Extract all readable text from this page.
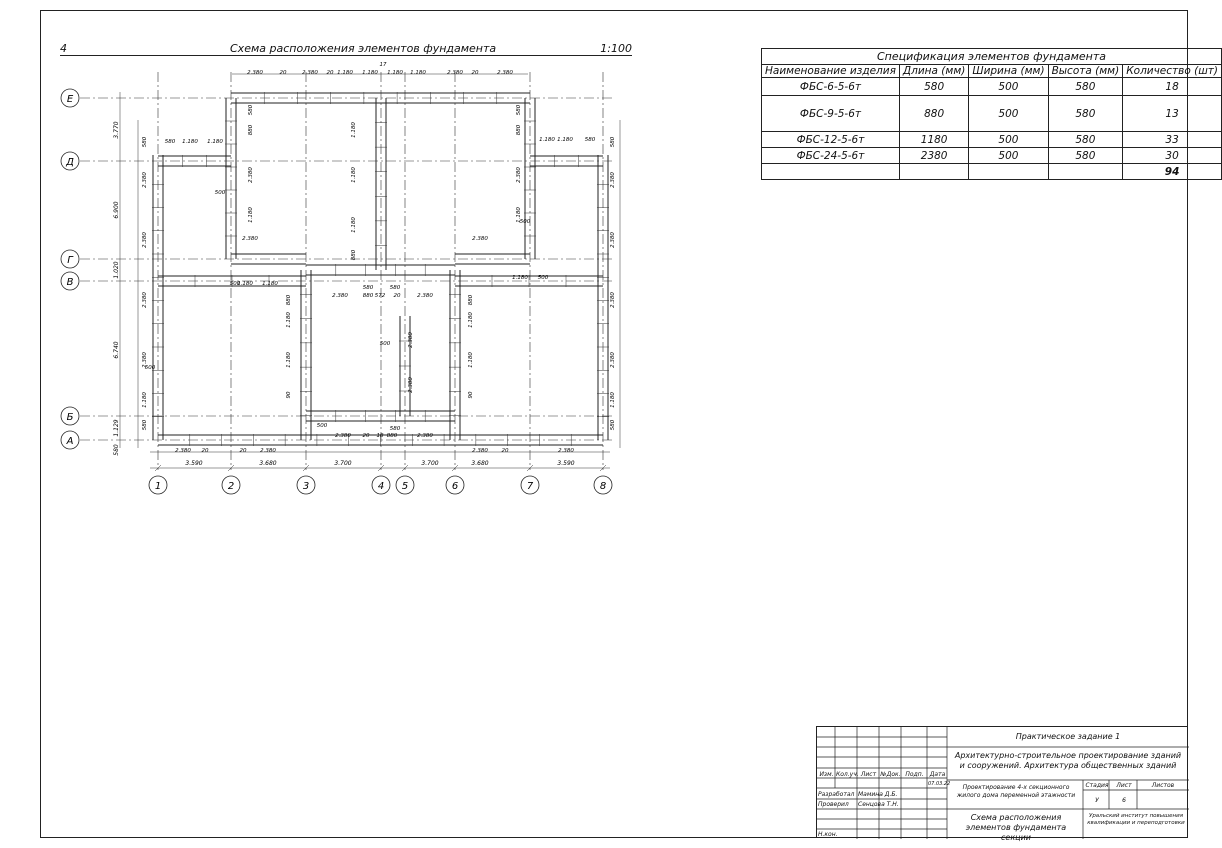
4	Схема расположения элементов фундамента	1:100
3.590	3.680	3.700	3.700	3.680	3.590
3.770
6.900
1.020
6.740
1.129
580	2.380 20	2.380
20
2.380 20 18 880	2.380
2.380 20	2.380
2.380	20	2.380 20 1.180 1.180
17
1.180 1.180	2.380 20	2.380
1.180 1.180
580	1.180 580
1.180
2.380	2.380
1.180 1.180
500
1.180 500
2.380	880 572 20	2.380
580	580
500
500
500
500
500	580
2.380
2.380
2.380
2.380
1.180
580
580
2.380
2.380
2.380
2.380
1.180
580
580
880
2.380
1.180
580
880
2.380
1.180
580
1.180
1.180
1.180
880
1.180
1.180
90
880
1.180
1.180
90
880
2.380
2.380
1	2	3	4 5	6	7	8
Е
Д
Г
В
Б
А
Спецификация элементов фундамента
Наименование изделия	Длина (мм)	Ширина (мм)	Высота (мм)	Количество (шт)
ФБС-6-5-6т	580	500	580	18
ФБС-9-5-6т	880	500	580	13
ФБС-12-5-6т	1180	500	580	33
ФБС-24-5-6т	2380	500	580	30
				94
Практическое задание 1
Архитектурно-строительное проектирование зданий и сооружений. Архитектура общественных зданий
Проектирование 4-х секционного жилого дома переменной этажности
Схема расположения элементов фундамента секции
Уральский институт повышения квалификации и переподготовки
Стадия	Лист	Листов
У	6
Изм. Кол.уч. Лист №Док. Подп.	Дата
07.03.22
Разработал Мамина Д.Б.
Проверил	Сенцова Т.Н.
Н.кон.
